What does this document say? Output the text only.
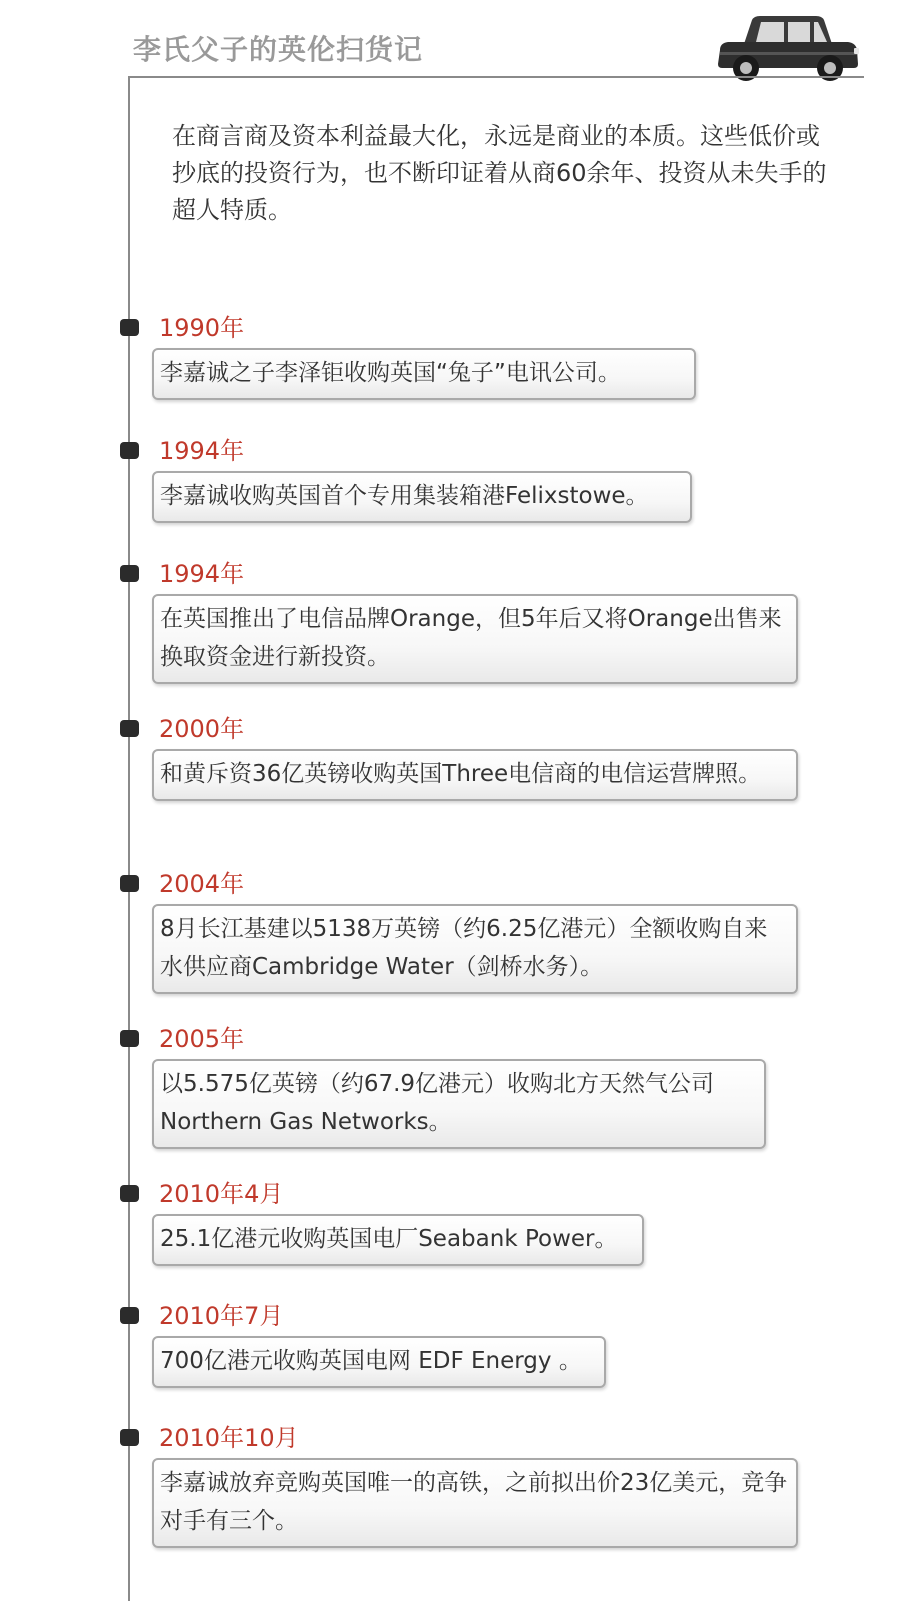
李氏父子的英伦扫货记

在商言商及资本利益最大化，永远是商业的本质。这些低价或抄底的投资行为，也不断印证着从商60余年、投资从未失手的超人特质。

1990年
李嘉诚之子李泽钜收购英国“兔子”电讯公司。
1994年
李嘉诚收购英国首个专用集装箱港Felixstowe。
1994年
在英国推出了电信品牌Orange，但5年后又将Orange出售来换取资金进行新投资。
2000年
和黄斥资36亿英镑收购英国Three电信商的电信运营牌照。
2004年
8月长江基建以5138万英镑（约6.25亿港元）全额收购自来水供应商Cambridge Water（剑桥水务）。
2005年
以5.575亿英镑（约67.9亿港元）收购北方天然气公司Northern Gas Networks。
2010年4月
25.1亿港元收购英国电厂Seabank Power。
2010年7月
700亿港元收购英国电网 EDF Energy 。
2010年10月
李嘉诚放弃竞购英国唯一的高铁，之前拟出价23亿美元，竞争对手有三个。
